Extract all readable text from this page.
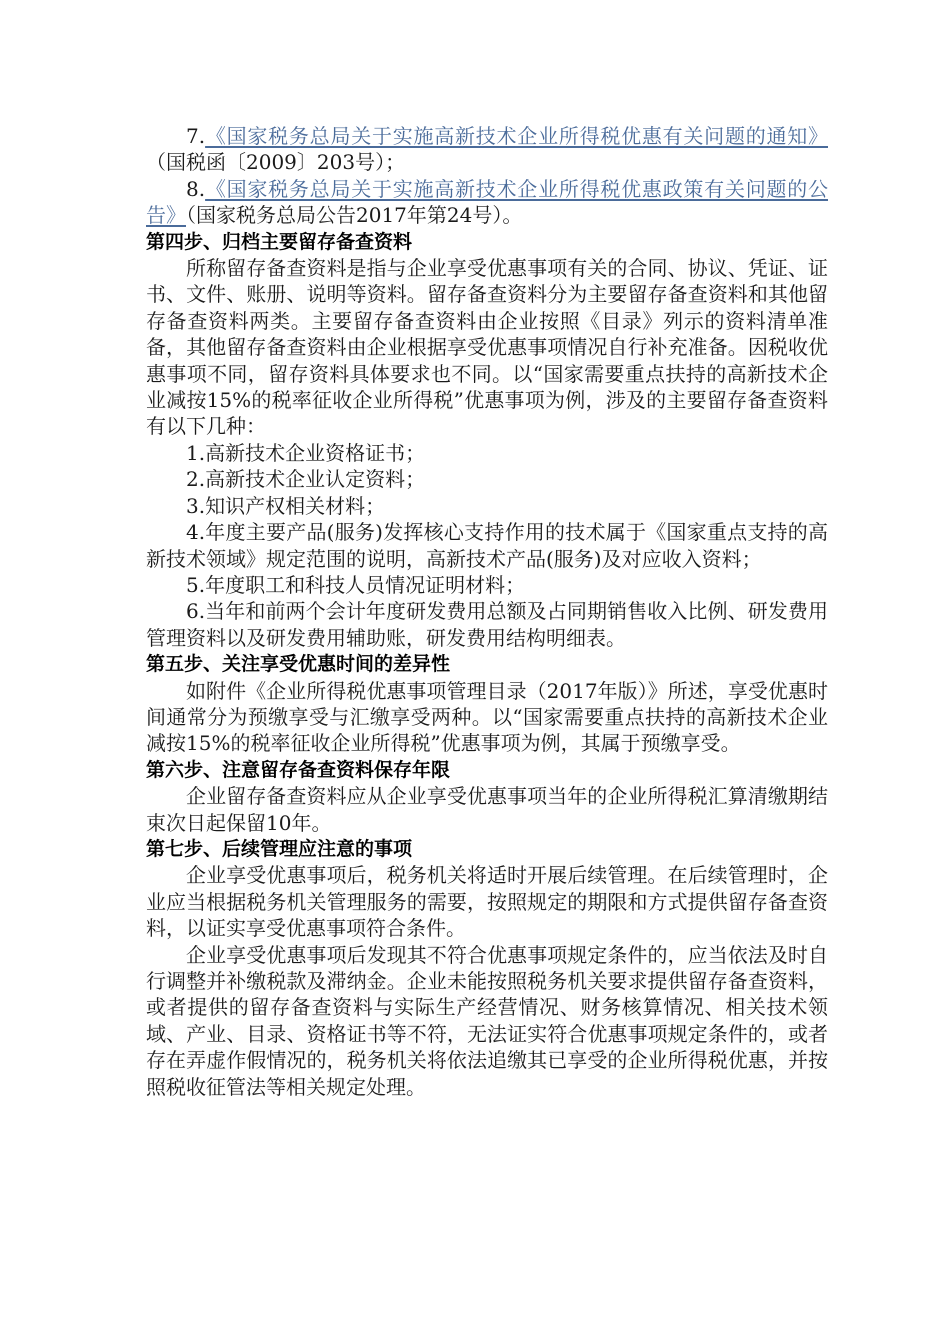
7.《国家税务总局关于实施高新技术企业所得税优惠有关问题的通知》（国税函〔2009〕203号）；

8.《国家税务总局关于实施高新技术企业所得税优惠政策有关问题的公告》（国家税务总局公告2017年第24号）。

第四步、归档主要留存备查资料

所称留存备查资料是指与企业享受优惠事项有关的合同、协议、凭证、证书、文件、账册、说明等资料。留存备查资料分为主要留存备查资料和其他留存备查资料两类。主要留存备查资料由企业按照《目录》列示的资料清单准备，其他留存备查资料由企业根据享受优惠事项情况自行补充准备。因税收优惠事项不同，留存资料具体要求也不同。以“国家需要重点扶持的高新技术企业减按15%的税率征收企业所得税”优惠事项为例，涉及的主要留存备查资料有以下几种：

1.高新技术企业资格证书；

2.高新技术企业认定资料；

3.知识产权相关材料；

4.年度主要产品(服务)发挥核心支持作用的技术属于《国家重点支持的高新技术领域》规定范围的说明，高新技术产品(服务)及对应收入资料；

5.年度职工和科技人员情况证明材料；

6.当年和前两个会计年度研发费用总额及占同期销售收入比例、研发费用管理资料以及研发费用辅助账，研发费用结构明细表。

第五步、关注享受优惠时间的差异性

如附件《企业所得税优惠事项管理目录（2017年版）》所述，享受优惠时间通常分为预缴享受与汇缴享受两种。以“国家需要重点扶持的高新技术企业减按15%的税率征收企业所得税”优惠事项为例，其属于预缴享受。

第六步、注意留存备查资料保存年限

企业留存备查资料应从企业享受优惠事项当年的企业所得税汇算清缴期结束次日起保留10年。

第七步、后续管理应注意的事项

企业享受优惠事项后，税务机关将适时开展后续管理。在后续管理时，企业应当根据税务机关管理服务的需要，按照规定的期限和方式提供留存备查资料，以证实享受优惠事项符合条件。

企业享受优惠事项后发现其不符合优惠事项规定条件的，应当依法及时自行调整并补缴税款及滞纳金。企业未能按照税务机关要求提供留存备查资料，或者提供的留存备查资料与实际生产经营情况、财务核算情况、相关技术领域、产业、目录、资格证书等不符，无法证实符合优惠事项规定条件的，或者存在弄虚作假情况的，税务机关将依法追缴其已享受的企业所得税优惠，并按照税收征管法等相关规定处理。
